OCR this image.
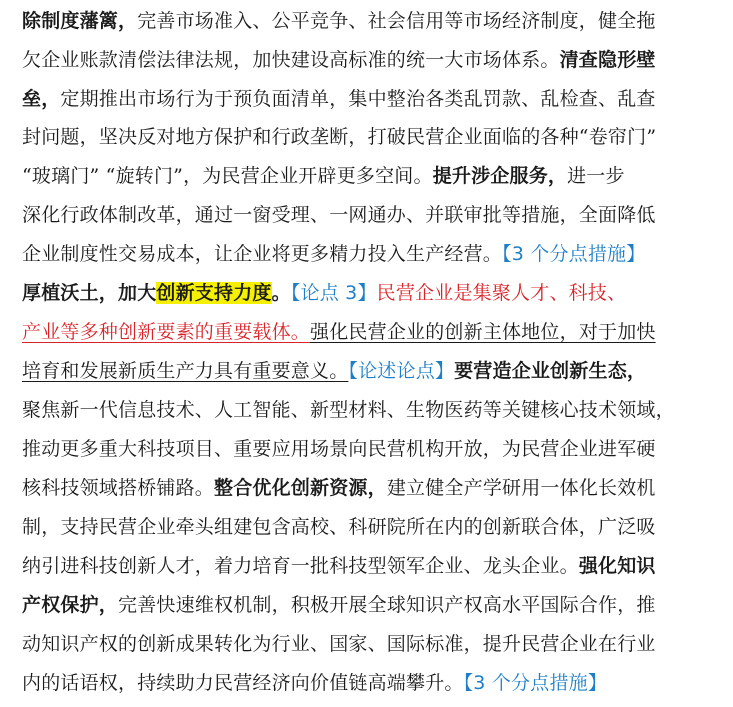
除制度藩篱，完善市场准入、公平竞争、社会信用等市场经济制度，健全拖
欠企业账款清偿法律法规，加快建设高标准的统一大市场体系。清查隐形壁
垒，定期推出市场行为于预负面清单，集中整治各类乱罚款、乱检查、乱查
封问题，坚决反对地方保护和行政垄断，打破民营企业面临的各种“卷帘门”
“玻璃门” “旋转门”，为民营企业开辟更多空间。提升涉企服务，进一步
深化行政体制改革，通过一窗受理、一网通办、并联审批等措施，全面降低
企业制度性交易成本，让企业将更多精力投入生产经营。【3 个分点措施】
厚植沃土，加大创新支持力度。【论点 3】民营企业是集聚人才、科技、
产业等多种创新要素的重要载体。强化民营企业的创新主体地位，对于加快
培育和发展新质生产力具有重要意义。【论述论点】要营造企业创新生态，
聚焦新一代信息技术、人工智能、新型材料、生物医药等关键核心技术领域，
推动更多重大科技项目、重要应用场景向民营机构开放，为民营企业进军硬
核科技领域搭桥铺路。整合优化创新资源，建立健全产学研用一体化长效机
制，支持民营企业牵头组建包含高校、科研院所在内的创新联合体，广泛吸
纳引进科技创新人才，着力培育一批科技型领军企业、龙头企业。强化知识
产权保护，完善快速维权机制，积极开展全球知识产权高水平国际合作，推
动知识产权的创新成果转化为行业、国家、国际标准，提升民营企业在行业
内的话语权，持续助力民营经济向价值链高端攀升。【3 个分点措施】
